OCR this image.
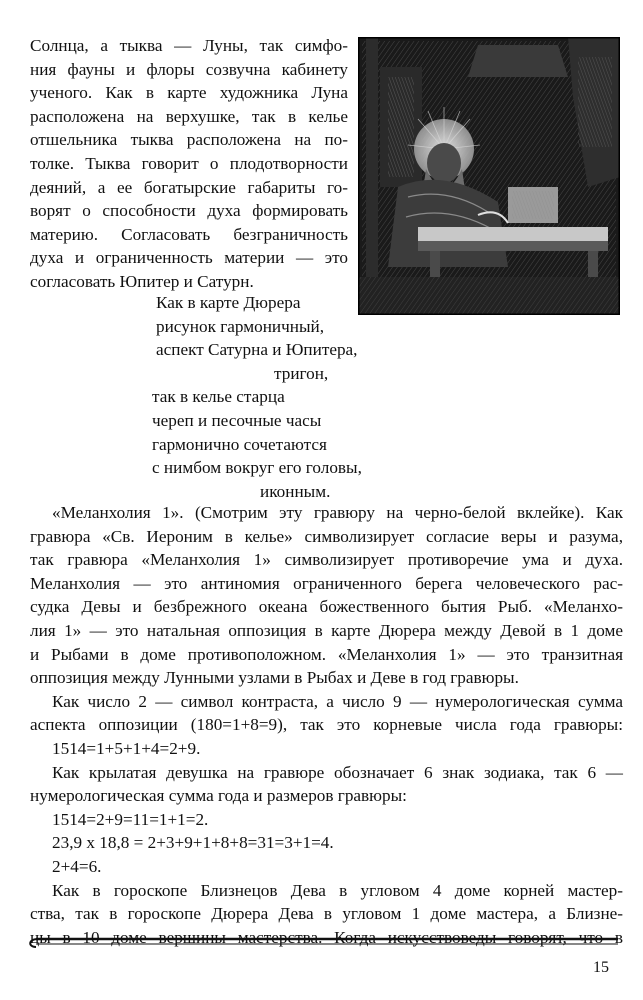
Солнца, а тыква — Луны, так симфо-
ния фауны и флоры созвучна кабинету
ученого. Как в карте художника Луна
расположена на верхушке, так в келье
отшельника тыква расположена на по-
толке. Тыква говорит о плодотворности
деяний, а ее богатырские габариты го-
ворят о способности духа формировать
материю. Согласовать безграничность
духа и ограниченность материи — это
согласовать Юпитер и Сатурн.

Как в карте Дюрера
рисунок гармоничный,
аспект Сатурна и Юпитера,
тригон,
так в келье старца
череп и песочные часы
гармонично сочетаются
с нимбом вокруг его головы,
иконным.

«Меланхолия 1». (Смотрим эту гравюру на черно-белой вклейке). Как
гравюра «Св. Иероним в келье» символизирует согласие веры и разума,
так гравюра «Меланхолия 1» символизирует противоречие ума и духа.
Меланхолия — это антиномия ограниченного берега человеческого рас-
судка Девы и безбрежного океана божественного бытия Рыб. «Меланхо-
лия 1» — это натальная оппозиция в карте Дюрера между Девой в 1 доме
и Рыбами в доме противоположном. «Меланхолия 1» — это транзитная
оппозиция между Лунными узлами в Рыбах и Деве в год гравюры.
Как число 2 — символ контраста, а число 9 — нумерологическая сумма
аспекта оппозиции (180=1+8=9), так это корневые числа года гравюры:
1514=1+5+1+4=2+9.
Как крылатая девушка на гравюре обозначает 6 знак зодиака, так 6 —
нумерологическая сумма года и размеров гравюры:
1514=2+9=11=1+1=2.
23,9 х 18,8 = 2+3+9+1+8+8=31=3+1=4.
2+4=6.
Как в гороскопе Близнецов Дева в угловом 4 доме корней мастер-
ства, так в гороскопе Дюрера Дева в угловом 1 доме мастера, а Близне-
цы в 10 доме вершины мастерства. Когда искусствоведы говорят, что в

15
